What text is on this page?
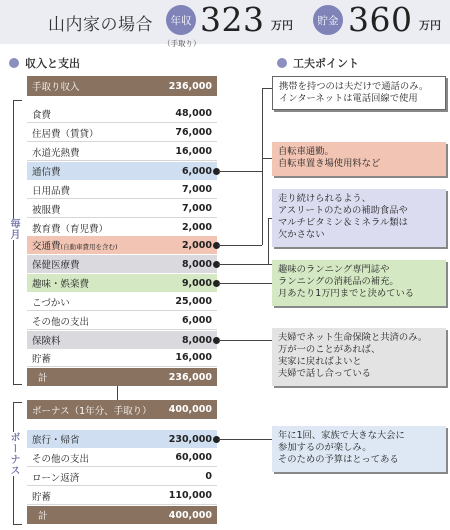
山内家の場合	年収
（手取り）
323 万円	貯金 360 万円
収入と支出	工夫ポイント
毎月
ボーナス
手取り収入	236,000
食費	48,000
住居費（賃貸）	76,000
水道光熱費	16,000
通信費	6,000
日用品費	7,000
被服費	7,000
教育費（育児費）	2,000
交通費(自動車費用を含む)	2,000
保健医療費	8,000
趣味・娯楽費	9,000
こづかい	25,000
その他の支出	6,000
保険料	8,000
貯蓄	16,000
計	236,000
ボーナス（1年分、手取り） 400,000
旅行・帰省	230,000
その他の支出	60,000
ローン返済	0
貯蓄	110,000
計	400,000
携帯を持つのは夫だけで通話のみ。
インターネットは電話回線で使用
自転車通勤。
自転車置き場使用料など
走り続けられるよう、
アスリートのための補助食品や
マルチビタミン＆ミネラル類は
欠かさない
趣味のランニング専門誌や
ランニングの消耗品の補充。
月あたり1万円までと決めている
夫婦でネット生命保険と共済のみ。
万が一のことがあれば、
実家に戻ればよいと
夫婦で話し合っている
年に1回、家族で大きな大会に
参加するのが楽しみ。
そのための予算はとってある
